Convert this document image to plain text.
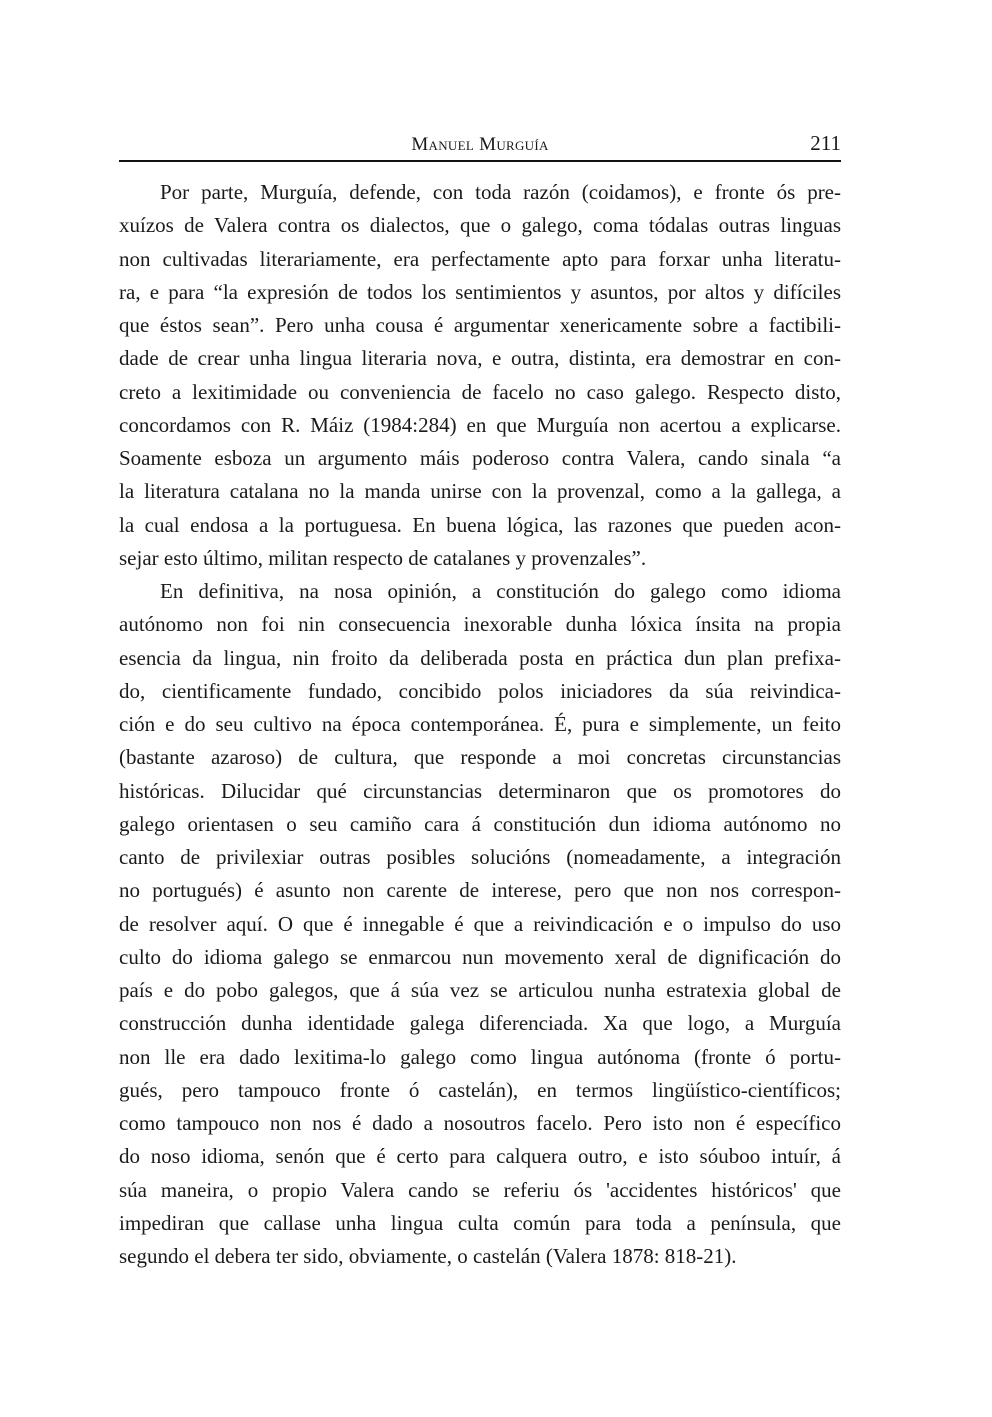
Manuel Murguía	211
Por parte, Murguía, defende, con toda razón (coidamos), e fronte ós pre-
xuízos de Valera contra os dialectos, que o galego, coma tódalas outras linguas
non cultivadas literariamente, era perfectamente apto para forxar unha literatu-
ra, e para “la expresión de todos los sentimientos y asuntos, por altos y difíciles
que éstos sean”. Pero unha cousa é argumentar xenericamente sobre a factibili-
dade de crear unha lingua literaria nova, e outra, distinta, era demostrar en con-
creto a lexitimidade ou conveniencia de facelo no caso galego. Respecto disto,
concordamos con R. Máiz (1984:284) en que Murguía non acertou a explicarse.
Soamente esboza un argumento máis poderoso contra Valera, cando sinala “a
la literatura catalana no la manda unirse con la provenzal, como a la gallega, a
la cual endosa a la portuguesa. En buena lógica, las razones que pueden acon-
sejar esto último, militan respecto de catalanes y provenzales”.
En definitiva, na nosa opinión, a constitución do galego como idioma
autónomo non foi nin consecuencia inexorable dunha lóxica ínsita na propia
esencia da lingua, nin froito da deliberada posta en práctica dun plan prefixa-
do, cientificamente fundado, concibido polos iniciadores da súa reivindica-
ción e do seu cultivo na época contemporánea. É, pura e simplemente, un feito
(bastante azaroso) de cultura, que responde a moi concretas circunstancias
históricas. Dilucidar qué circunstancias determinaron que os promotores do
galego orientasen o seu camiño cara á constitución dun idioma autónomo no
canto de privilexiar outras posibles solucións (nomeadamente, a integración
no portugués) é asunto non carente de interese, pero que non nos correspon-
de resolver aquí. O que é innegable é que a reivindicación e o impulso do uso
culto do idioma galego se enmarcou nun movemento xeral de dignificación do
país e do pobo galegos, que á súa vez se articulou nunha estratexia global de
construcción dunha identidade galega diferenciada. Xa que logo, a Murguía
non lle era dado lexitima-lo galego como lingua autónoma (fronte ó portu-
gués, pero tampouco fronte ó castelán), en termos lingüístico-científicos;
como tampouco non nos é dado a nosoutros facelo. Pero isto non é específico
do noso idioma, senón que é certo para calquera outro, e isto sóuboo intuír, á
súa maneira, o propio Valera cando se referiu ós 'accidentes históricos' que
impediran que callase unha lingua culta común para toda a península, que
segundo el debera ter sido, obviamente, o castelán (Valera 1878: 818-21).
